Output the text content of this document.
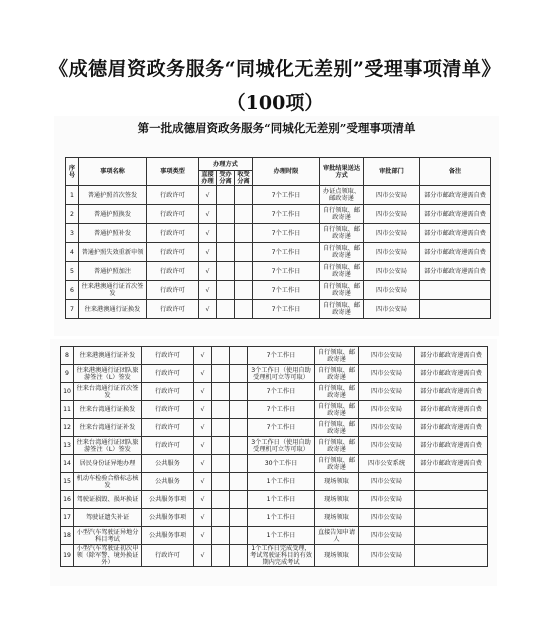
《成德眉资政务服务“同城化无差别”受理事项清单》
（100项）
第一批成德眉资政务服务“同城化无差别”受理事项清单
序号	事项名称	事项类型	办理方式			办理时限	审批结果送达方式	审批部门	备注
			直接办理	受办分离	收受分离				
1	普通护照首次签发	行政许可	√			7个工作日	办证点领取、邮政寄递	四市公安局	部分市邮政寄递需自费
2	普通护照换发	行政许可	√			7个工作日	自行领取、邮政寄递	四市公安局	部分市邮政寄递需自费
3	普通护照补发	行政许可	√			7个工作日	自行领取、邮政寄递	四市公安局	部分市邮政寄递需自费
4	普通护照失效重新申领	行政许可	√			7个工作日	自行领取、邮政寄递	四市公安局	部分市邮政寄递需自费
5	普通护照加注	行政许可	√			7个工作日	自行领取、邮政寄递	四市公安局	部分市邮政寄递需自费
6	往来港澳通行证首次签发	行政许可	√			7个工作日	自行领取、邮政寄递	四市公安局	
7	往来港澳通行证换发	行政许可	√			7个工作日	自行领取、邮政寄递	四市公安局	
8	往来港澳通行证补发	行政许可	√			7个工作日	自行领取、邮政寄递	四市公安局	部分市邮政寄递需自费
9	往来港澳通行证团队旅游签注（L）签发	行政许可	√			3个工作日（使用自助受理机可立等可取）	自行领取、邮政寄递	四市公安局	部分市邮政寄递需自费
10	往来台湾通行证首次签发	行政许可	√			7个工作日	自行领取、邮政寄递	四市公安局	部分市邮政寄递需自费
11	往来台湾通行证换发	行政许可	√			7个工作日	自行领取、邮政寄递	四市公安局	部分市邮政寄递需自费
12	往来台湾通行证补发	行政许可	√			7个工作日	自行领取、邮政寄递	四市公安局	部分市邮政寄递需自费
13	往来台湾通行证团队旅游签注（L）签发	行政许可	√			3个工作日（使用自助受理机可立等可取）	自行领取、邮政寄递	四市公安局	部分市邮政寄递需自费
14	居民身份证异地办理	公共服务	√			30个工作日	自行领取、邮政寄递	四市公安系统	部分市邮政寄递需自费
15	机动车检验合格标志核发	公共服务	√			1个工作日	现场领取	四市公安局	
16	驾驶证损毁、损坏换证	公共服务事项	√			1个工作日	现场领取	四市公安局	
17	驾驶证遗失补证	公共服务事项	√			1个工作日	现场领取	四市公安局	
18	小型汽车驾驶证异地分科目考试	公共服务事项	√			1个工作日	直接告知申请人	四市公安局	
19	小型汽车驾驶证初次申领（除军警、境外换证外）	行政许可	√			1个工作日完成受理，考试驾驶证科目的有效期内完成考试	现场领取	四市公安局	
